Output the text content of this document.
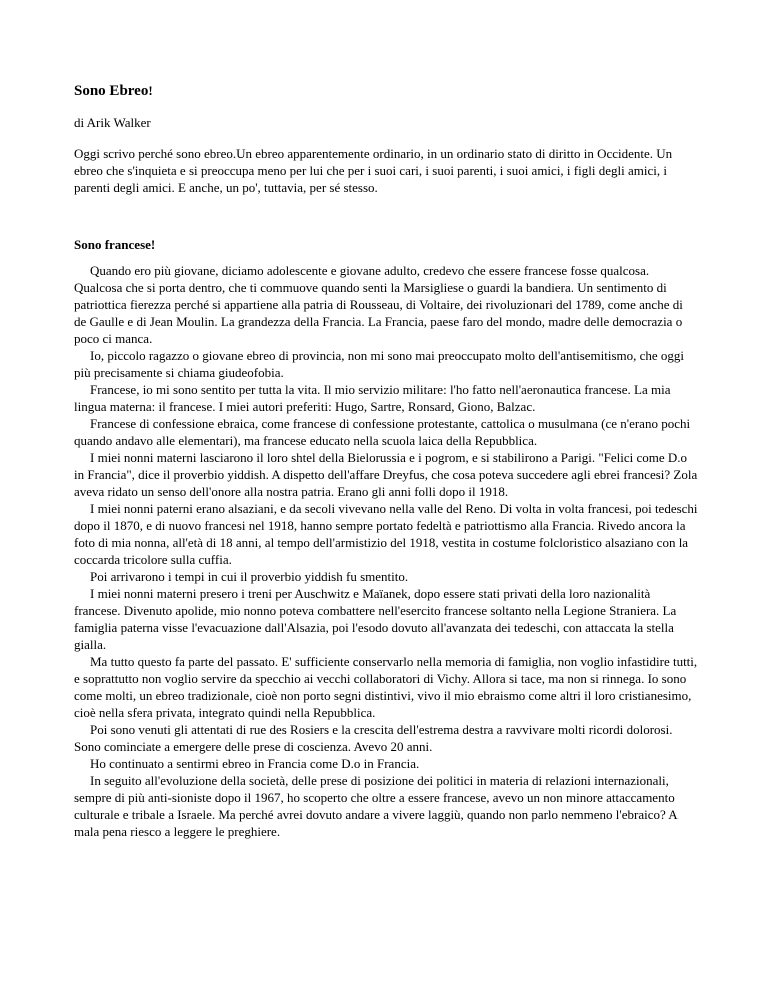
Sono Ebreo!
di Arik Walker
Oggi scrivo perché sono ebreo.Un ebreo apparentemente ordinario, in un ordinario stato di diritto in Occidente. Un ebreo che s'inquieta e si preoccupa meno per lui che per i suoi cari, i suoi parenti, i suoi amici, i figli degli amici, i parenti degli amici. E anche, un po', tuttavia, per sé stesso.
Sono francese!

Quando ero più giovane, diciamo adolescente e giovane adulto, credevo che essere francese fosse qualcosa. Qualcosa che si porta dentro, che ti commuove quando senti la Marsigliese o guardi la bandiera. Un sentimento di patriottica fierezza perché si appartiene alla patria di Rousseau, di Voltaire, dei rivoluzionari del 1789, come anche di de Gaulle e di Jean Moulin. La grandezza della Francia. La Francia, paese faro del mondo, madre delle democrazia o poco ci manca.

Io, piccolo ragazzo o giovane ebreo di provincia, non mi sono mai preoccupato molto dell'antisemitismo, che oggi più precisamente si chiama giudeofobia.

Francese, io mi sono sentito per tutta la vita. Il mio servizio militare: l'ho fatto nell'aeronautica francese. La mia lingua materna: il francese. I miei autori preferiti: Hugo, Sartre, Ronsard, Giono, Balzac.

Francese di confessione ebraica, come francese di confessione protestante, cattolica o musulmana (ce n'erano pochi quando andavo alle elementari), ma francese educato nella scuola laica della Repubblica.

I miei nonni materni lasciarono il loro shtel della Bielorussia e i pogrom, e si stabilirono a Parigi. "Felici come D.o in Francia", dice il proverbio yiddish. A dispetto dell'affare Dreyfus, che cosa poteva succedere agli ebrei francesi? Zola aveva ridato un senso dell'onore alla nostra patria. Erano gli anni folli dopo il 1918.

I miei nonni paterni erano alsaziani, e da secoli vivevano nella valle del Reno. Di volta in volta francesi, poi tedeschi dopo il 1870, e di nuovo francesi nel 1918, hanno sempre portato fedeltà e patriottismo alla Francia. Rivedo ancora la foto di mia nonna, all'età di 18 anni, al tempo dell'armistizio del 1918, vestita in costume folcloristico alsaziano con la coccarda tricolore sulla cuffia.

Poi arrivarono i tempi in cui il proverbio yiddish fu smentito.

I miei nonni materni presero i treni per Auschwitz e Maïanek, dopo essere stati privati della loro nazionalità francese. Divenuto apolide, mio nonno poteva combattere nell'esercito francese soltanto nella Legione Straniera. La famiglia paterna visse l'evacuazione dall'Alsazia, poi l'esodo dovuto all'avanzata dei tedeschi, con attaccata la stella gialla.

Ma tutto questo fa parte del passato. E' sufficiente conservarlo nella memoria di famiglia, non voglio infastidire tutti, e soprattutto non voglio servire da specchio ai vecchi collaboratori di Vichy. Allora si tace, ma non si rinnega. Io sono come molti, un ebreo tradizionale, cioè non porto segni distintivi, vivo il mio ebraismo come altri il loro cristianesimo, cioè nella sfera privata, integrato quindi nella Repubblica.

Poi sono venuti gli attentati di rue des Rosiers e la crescita dell'estrema destra a ravvivare molti ricordi dolorosi. Sono cominciate a emergere delle prese di coscienza. Avevo 20 anni.

Ho continuato a sentirmi ebreo in Francia come D.o in Francia.

In seguito all'evoluzione della società, delle prese di posizione dei politici in materia di relazioni internazionali, sempre di più anti-sioniste dopo il 1967, ho scoperto che oltre a essere francese, avevo un non minore attaccamento culturale e tribale a Israele. Ma perché avrei dovuto andare a vivere laggiù, quando non parlo nemmeno l'ebraico? A mala pena riesco a leggere le preghiere.
